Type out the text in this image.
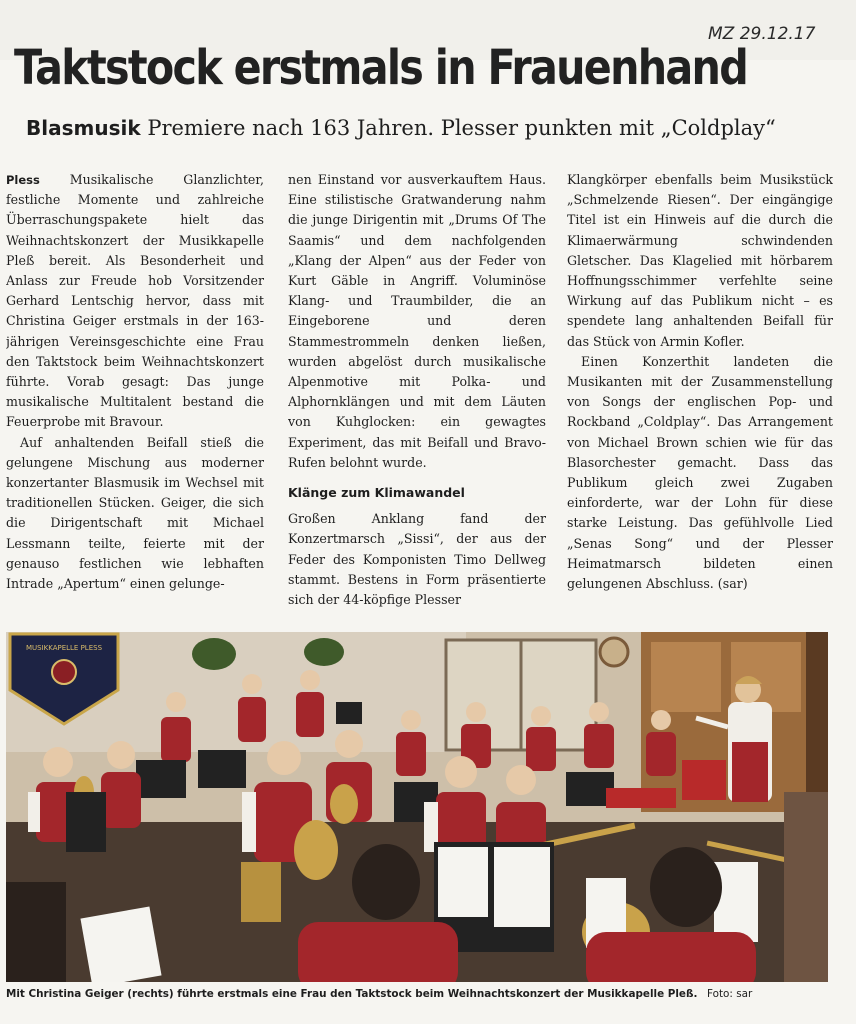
MZ 29.12.17
Taktstock erstmals in Frauenhand
Blasmusik Premiere nach 163 Jahren. Plesser punkten mit „Coldplay“

Pless Musikalische Glanzlichter, festliche Momente und zahlreiche Überraschungspakete hielt das Weihnachtskonzert der Musikkapelle Pleß bereit. Als Besonderheit und Anlass zur Freude hob Vorsitzender Gerhard Lentschig hervor, dass mit Christina Geiger erstmals in der 163-jährigen Vereinsgeschichte eine Frau den Taktstock beim Weihnachtskonzert führte. Vorab gesagt: Das junge musikalische Multitalent bestand die Feuerprobe mit Bravour.

Auf anhaltenden Beifall stieß die gelungene Mischung aus moderner konzertanter Blasmusik im Wechsel mit traditionellen Stücken. Geiger, die sich die Dirigentschaft mit Michael Lessmann teilte, feierte mit der genauso festlichen wie lebhaften Intrade „Apertum“ einen gelunge-

nen Einstand vor ausverkauftem Haus. Eine stilistische Gratwanderung nahm die junge Dirigentin mit „Drums Of The Saamis“ und dem nachfolgenden „Klang der Alpen“ aus der Feder von Kurt Gäble in Angriff. Voluminöse Klang- und Traumbilder, die an Eingeborene und deren Stammestrommeln denken ließen, wurden abgelöst durch musikalische Alpenmotive mit Polka- und Alphornklängen und mit dem Läuten von Kuhglocken: ein gewagtes Experiment, das mit Beifall und Bravo-Rufen belohnt wurde.

Klänge zum Klimawandel

Großen Anklang fand der Konzertmarsch „Sissi“, der aus der Feder des Komponisten Timo Dellweg stammt. Bestens in Form präsentierte sich der 44-köpfige Plesser

Klangkörper ebenfalls beim Musikstück „Schmelzende Riesen“. Der eingängige Titel ist ein Hinweis auf die durch die Klimaerwärmung schwindenden Gletscher. Das Klagelied mit hörbarem Hoffnungsschimmer verfehlte seine Wirkung auf das Publikum nicht – es spendete lang anhaltenden Beifall für das Stück von Armin Kofler.

Einen Konzerthit landeten die Musikanten mit der Zusammenstellung von Songs der englischen Pop- und Rockband „Coldplay“. Das Arrangement von Michael Brown schien wie für das Blasorchester gemacht. Dass das Publikum gleich zwei Zugaben einforderte, war der Lohn für diese starke Leistung. Das gefühlvolle Lied „Senas Song“ und der Plesser Heimatmarsch bildeten einen gelungenen Abschluss. (sar)

MUSIKKAPELLE PLESS
Mit Christina Geiger (rechts) führte erstmals eine Frau den Taktstock beim Weihnachtskonzert der Musikkapelle Pleß. Foto: sar
